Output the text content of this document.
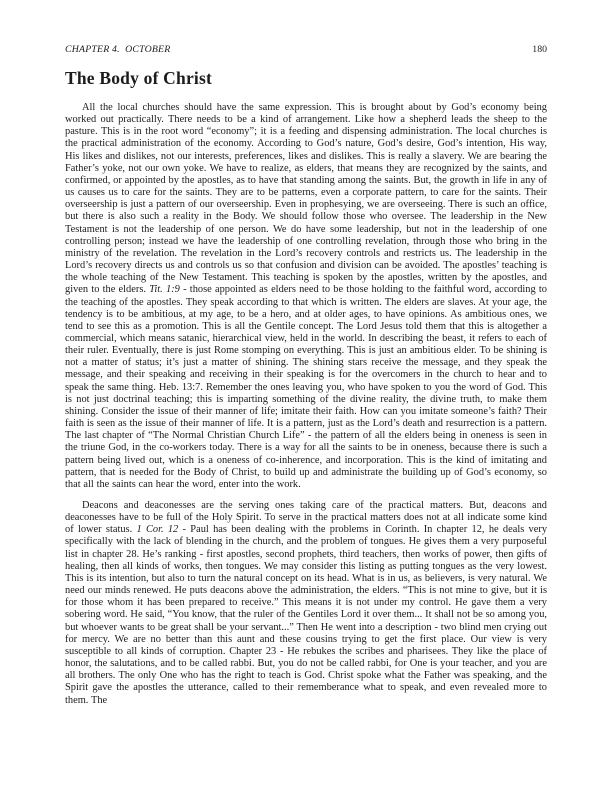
CHAPTER 4.  OCTOBER	180
The Body of Christ

All the local churches should have the same expression. This is brought about by God’s economy being worked out practically. There needs to be a kind of arrangement. Like how a shepherd leads the sheep to the pasture. This is in the root word “economy”; it is a feeding and dispensing administration. The local churches is the practical administration of the economy. According to God’s nature, God’s desire, God’s intention, His way, His likes and dislikes, not our interests, preferences, likes and dislikes. This is really a slavery. We are bearing the Father’s yoke, not our own yoke. We have to realize, as elders, that means they are recognized by the saints, and confirmed, or appointed by the apostles, as to have that standing among the saints. But, the growth in life in any of us causes us to care for the saints. They are to be patterns, even a corporate pattern, to care for the saints. Their overseership is just a pattern of our overseership. Even in prophesying, we are overseeing. There is such an office, but there is also such a reality in the Body. We should follow those who oversee. The leadership in the New Testament is not the leadership of one person. We do have some leadership, but not in the leadership of one controlling person; instead we have the leadership of one controlling revelation, through those who bring in the ministry of the revelation. The revelation in the Lord’s recovery controls and restricts us. The leadership in the Lord’s recovery directs us and controls us so that confusion and division can be avoided. The apostles’ teaching is the whole teaching of the New Testament. This teaching is spoken by the apostles, written by the apostles, and given to the elders. Tit. 1:9 - those appointed as elders need to be those holding to the faithful word, according to the teaching of the apostles. They speak according to that which is written. The elders are slaves. At your age, the tendency is to be ambitious, at my age, to be a hero, and at older ages, to have opinions. As ambitious ones, we tend to see this as a promotion. This is all the Gentile concept. The Lord Jesus told them that this is altogether a commercial, which means satanic, hierarchical view, held in the world. In describing the beast, it refers to each of their ruler. Eventually, there is just Rome stomping on everything. This is just an ambitious elder. To be shining is not a matter of status; it’s just a matter of shining. The shining stars receive the message, and they speak the message, and their speaking and receiving in their speaking is for the overcomers in the church to hear and to speak the same thing. Heb. 13:7. Remember the ones leaving you, who have spoken to you the word of God. This is not just doctrinal teaching; this is imparting something of the divine reality, the divine truth, to make them shining. Consider the issue of their manner of life; imitate their faith. How can you imitate someone’s faith? Their faith is seen as the issue of their manner of life. It is a pattern, just as the Lord’s death and resurrection is a pattern. The last chapter of “The Normal Christian Church Life” - the pattern of all the elders being in oneness is seen in the triune God, in the co-workers today. There is a way for all the saints to be in oneness, because there is such a pattern being lived out, which is a oneness of co-inherence, and incorporation. This is the kind of imitating and pattern, that is needed for the Body of Christ, to build up and administrate the building up of God’s economy, so that all the saints can hear the word, enter into the work.

Deacons and deaconesses are the serving ones taking care of the practical matters. But, deacons and deaconesses have to be full of the Holy Spirit. To serve in the practical matters does not at all indicate some kind of lower status. 1 Cor. 12 - Paul has been dealing with the problems in Corinth. In chapter 12, he deals very specifically with the lack of blending in the church, and the problem of tongues. He gives them a very purposeful list in chapter 28. He’s ranking - first apostles, second prophets, third teachers, then works of power, then gifts of healing, then all kinds of works, then tongues. We may consider this listing as putting tongues as the very lowest. This is its intention, but also to turn the natural concept on its head. What is in us, as believers, is very natural. We need our minds renewed. He puts deacons above the administration, the elders. “This is not mine to give, but it is for those whom it has been prepared to receive.” This means it is not under my control. He gave them a very sobering word. He said, “You know, that the ruler of the Gentiles Lord it over them... It shall not be so among you, but whoever wants to be great shall be your servant...” Then He went into a description - two blind men crying out for mercy. We are no better than this aunt and these cousins trying to get the first place. Our view is very susceptible to all kinds of corruption. Chapter 23 - He rebukes the scribes and pharisees. They like the place of honor, the salutations, and to be called rabbi. But, you do not be called rabbi, for One is your teacher, and you are all brothers. The only One who has the right to teach is God. Christ spoke what the Father was speaking, and the Spirit gave the apostles the utterance, called to their rememberance what to speak, and even revealed more to them. The
